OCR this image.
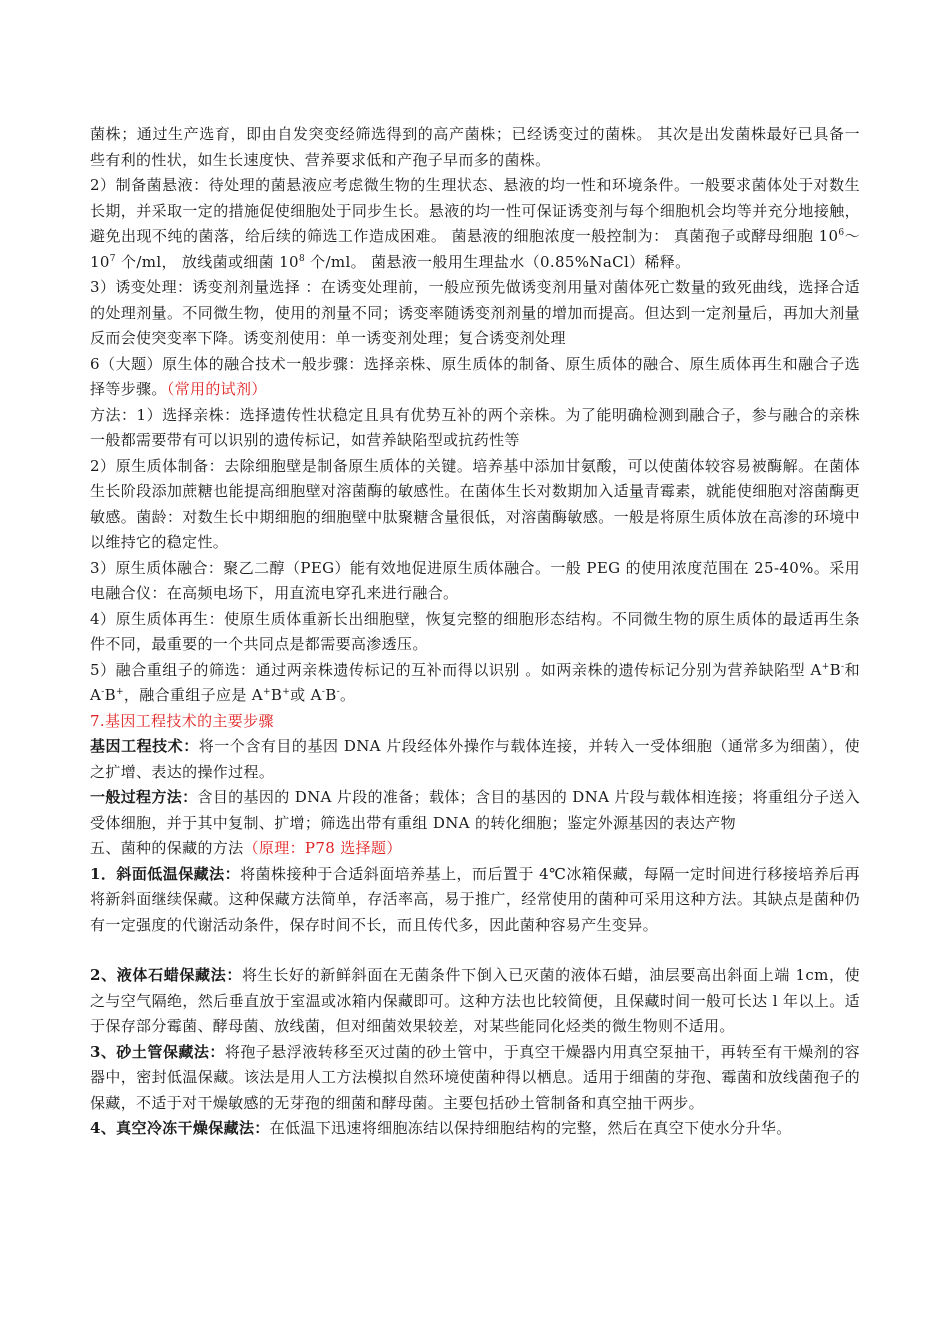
菌株；通过生产选育，即由自发突变经筛选得到的高产菌株；已经诱变过的菌株。 其次是出发菌株最好已具备一些有利的性状，如生长速度快、营养要求低和产孢子早而多的菌株。

2）制备菌悬液：待处理的菌悬液应考虑微生物的生理状态、悬液的均一性和环境条件。一般要求菌体处于对数生长期，并采取一定的措施促使细胞处于同步生长。悬液的均一性可保证诱变剂与每个细胞机会均等并充分地接触，避免出现不纯的菌落，给后续的筛选工作造成困难。 菌悬液的细胞浓度一般控制为： 真菌孢子或酵母细胞 $10^6\sim 10^7$ 个/ml， 放线菌或细菌 $10^8$ 个/ml。 菌悬液一般用生理盐水（0.85%NaCl）稀释。

3）诱变处理：诱变剂剂量选择 ：在诱变处理前，一般应预先做诱变剂用量对菌体死亡数量的致死曲线，选择合适的处理剂量。不同微生物，使用的剂量不同；诱变率随诱变剂剂量的增加而提高。但达到一定剂量后，再加大剂量反而会使突变率下降。诱变剂使用：单一诱变剂处理；复合诱变剂处理

6（大题）原生体的融合技术一般步骤：选择亲株、原生质体的制备、原生质体的融合、原生质体再生和融合子选择等步骤。（常用的试剂）

方法：1）选择亲株：选择遗传性状稳定且具有优势互补的两个亲株。为了能明确检测到融合子，参与融合的亲株一般都需要带有可以识别的遗传标记，如营养缺陷型或抗药性等

2）原生质体制备：去除细胞壁是制备原生质体的关键。培养基中添加甘氨酸，可以使菌体较容易被酶解。在菌体生长阶段添加蔗糖也能提高细胞壁对溶菌酶的敏感性。在菌体生长对数期加入适量青霉素，就能使细胞对溶菌酶更敏感。菌龄：对数生长中期细胞的细胞壁中肽聚糖含量很低，对溶菌酶敏感。一般是将原生质体放在高渗的环境中以维持它的稳定性。

3）原生质体融合：聚乙二醇（PEG）能有效地促进原生质体融合。一般 PEG 的使用浓度范围在 25-40%。采用电融合仪：在高频电场下，用直流电穿孔来进行融合。

4）原生质体再生：使原生质体重新长出细胞壁，恢复完整的细胞形态结构。不同微生物的原生质体的最适再生条件不同，最重要的一个共同点是都需要高渗透压。

5）融合重组子的筛选：通过两亲株遗传标记的互补而得以识别 。如两亲株的遗传标记分别为营养缺陷型 A+B-和 A-B+，融合重组子应是 A+B+或 A-B-。

7.基因工程技术的主要步骤

基因工程技术：将一个含有目的基因 DNA 片段经体外操作与载体连接，并转入一受体细胞（通常多为细菌），使之扩增、表达的操作过程。

一般过程方法：含目的基因的 DNA 片段的准备；载体；含目的基因的 DNA 片段与载体相连接；将重组分子送入受体细胞，并于其中复制、扩增；筛选出带有重组 DNA 的转化细胞；鉴定外源基因的表达产物

五、菌种的保藏的方法（原理：P78 选择题）

1．斜面低温保藏法：将菌株接种于合适斜面培养基上，而后置于 4℃冰箱保藏，每隔一定时间进行移接培养后再将新斜面继续保藏。这种保藏方法简单，存活率高，易于推广，经常使用的菌种可采用这种方法。其缺点是菌种仍有一定强度的代谢活动条件，保存时间不长，而且传代多，因此菌种容易产生变异。

2、液体石蜡保藏法：将生长好的新鲜斜面在无菌条件下倒入已灭菌的液体石蜡，油层要高出斜面上端 1cm，使之与空气隔绝，然后垂直放于室温或冰箱内保藏即可。这种方法也比较简便，且保藏时间一般可长达 l 年以上。适于保存部分霉菌、酵母菌、放线菌，但对细菌效果较差，对某些能同化烃类的微生物则不适用。

3、砂土管保藏法：将孢子悬浮液转移至灭过菌的砂土管中，于真空干燥器内用真空泵抽干，再转至有干燥剂的容器中，密封低温保藏。该法是用人工方法模拟自然环境使菌种得以栖息。适用于细菌的芽孢、霉菌和放线菌孢子的保藏，不适于对干燥敏感的无芽孢的细菌和酵母菌。主要包括砂土管制备和真空抽干两步。

4、真空冷冻干燥保藏法：在低温下迅速将细胞冻结以保持细胞结构的完整，然后在真空下使水分升华。
